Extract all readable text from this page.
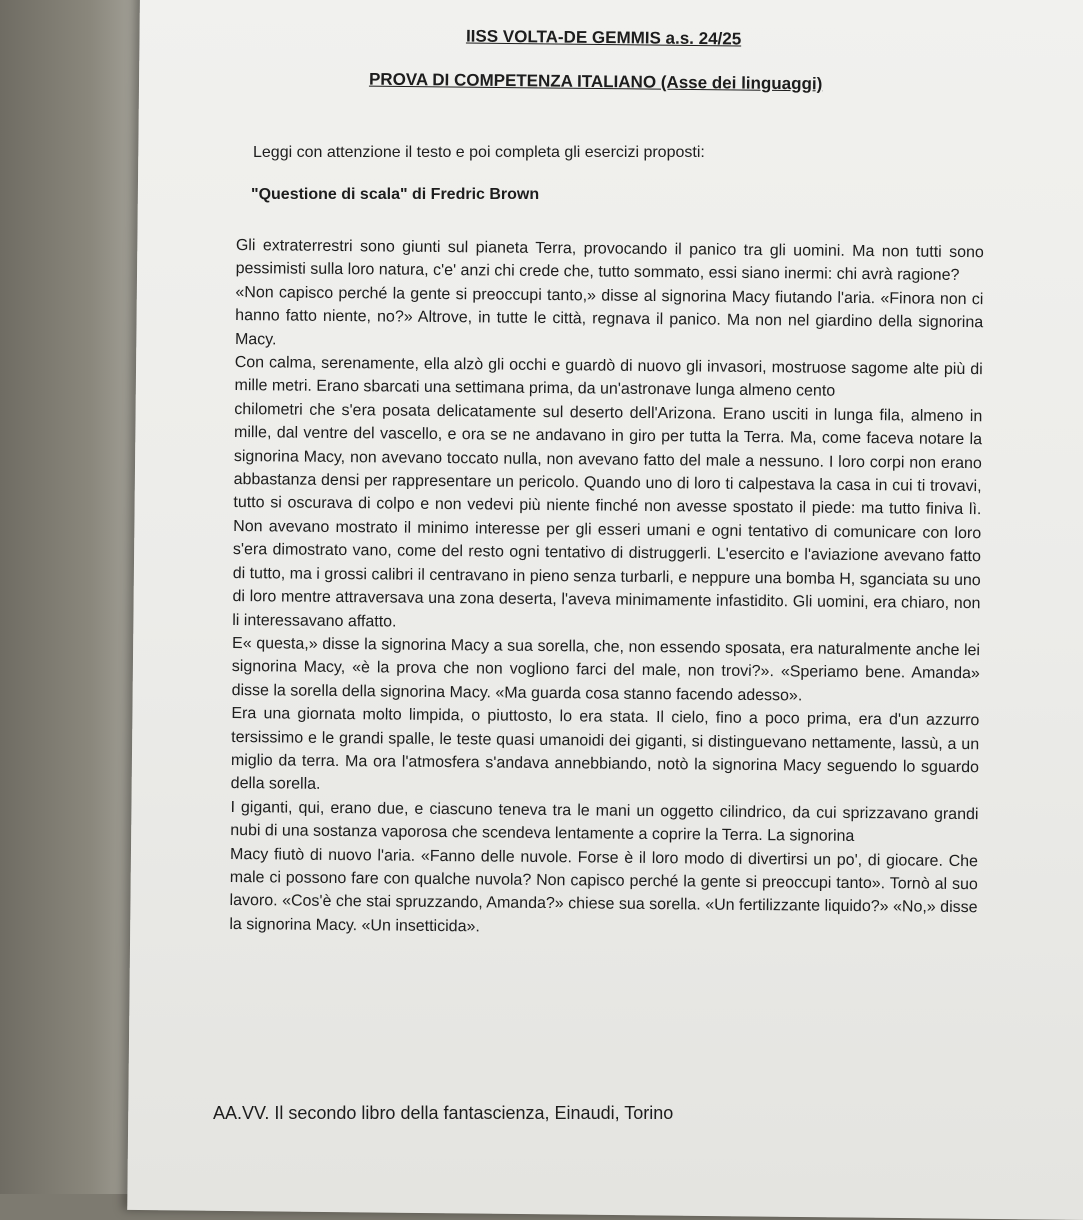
IISS VOLTA-DE GEMMIS a.s. 24/25
PROVA DI COMPETENZA ITALIANO (Asse dei linguaggi)
Leggi con attenzione il testo e poi completa gli esercizi proposti:
"Questione di scala" di Fredric Brown

Gli extraterrestri sono giunti sul pianeta Terra, provocando il panico tra gli uomini. Ma non tutti sono pessimisti sulla loro natura, c'e' anzi chi crede che, tutto sommato, essi siano inermi: chi avrà ragione?

«Non capisco perché la gente si preoccupi tanto,» disse al signorina Macy fiutando l'aria. «Finora non ci hanno fatto niente, no?» Altrove, in tutte le città, regnava il panico. Ma non nel giardino della signorina Macy.

Con calma, serenamente, ella alzò gli occhi e guardò di nuovo gli invasori, mostruose sagome alte più di mille metri. Erano sbarcati una settimana prima, da un'astronave lunga almeno cento

chilometri che s'era posata delicatamente sul deserto dell'Arizona. Erano usciti in lunga fila, almeno in mille, dal ventre del vascello, e ora se ne andavano in giro per tutta la Terra. Ma, come faceva notare la signorina Macy, non avevano toccato nulla, non avevano fatto del male a nessuno. I loro corpi non erano abbastanza densi per rappresentare un pericolo. Quando uno di loro ti calpestava la casa in cui ti trovavi, tutto si oscurava di colpo e non vedevi più niente finché non avesse spostato il piede: ma tutto finiva lì. Non avevano mostrato il minimo interesse per gli esseri umani e ogni tentativo di comunicare con loro s'era dimostrato vano, come del resto ogni tentativo di distruggerli. L'esercito e l'aviazione avevano fatto di tutto, ma i grossi calibri il centravano in pieno senza turbarli, e neppure una bomba H, sganciata su uno di loro mentre attraversava una zona deserta, l'aveva minimamente infastidito. Gli uomini, era chiaro, non li interessavano affatto.

E« questa,» disse la signorina Macy a sua sorella, che, non essendo sposata, era naturalmente anche lei signorina Macy, «è la prova che non vogliono farci del male, non trovi?». «Speriamo bene. Amanda» disse la sorella della signorina Macy. «Ma guarda cosa stanno facendo adesso».

Era una giornata molto limpida, o piuttosto, lo era stata. Il cielo, fino a poco prima, era d'un azzurro tersissimo e le grandi spalle, le teste quasi umanoidi dei giganti, si distinguevano nettamente, lassù, a un miglio da terra. Ma ora l'atmosfera s'andava annebbiando, notò la signorina Macy seguendo lo sguardo della sorella.

I giganti, qui, erano due, e ciascuno teneva tra le mani un oggetto cilindrico, da cui sprizzavano grandi nubi di una sostanza vaporosa che scendeva lentamente a coprire la Terra. La signorina

Macy fiutò di nuovo l'aria. «Fanno delle nuvole. Forse è il loro modo di divertirsi un po', di giocare. Che male ci possono fare con qualche nuvola? Non capisco perché la gente si preoccupi tanto». Tornò al suo lavoro. «Cos'è che stai spruzzando, Amanda?» chiese sua sorella. «Un fertilizzante liquido?» «No,» disse la signorina Macy. «Un insetticida».

AA.VV. Il secondo libro della fantascienza, Einaudi, Torino
